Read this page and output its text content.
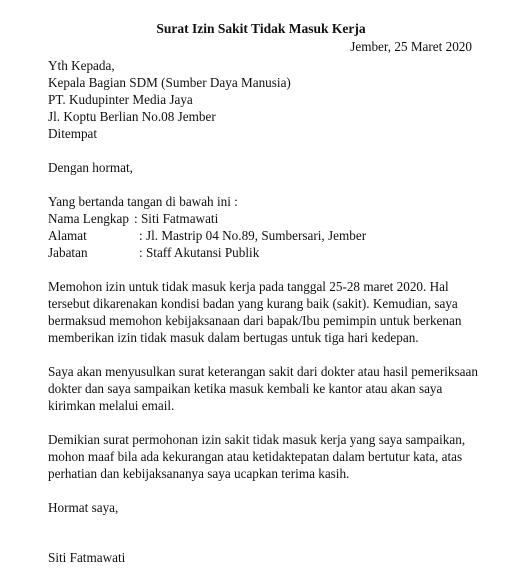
Surat Izin Sakit Tidak Masuk Kerja
Jember, 25 Maret 2020
Yth Kepada,
Kepala Bagian SDM (Sumber Daya Manusia)
PT. Kudupinter Media Jaya
Jl. Koptu Berlian No.08 Jember
Ditempat
Dengan hormat,
Yang bertanda tangan di bawah ini :
Nama Lengkap : Siti Fatmawati
Alamat	: Jl. Mastrip 04 No.89, Sumbersari, Jember
Jabatan	: Staff Akutansi Publik
Memohon izin untuk tidak masuk kerja pada tanggal 25-28 maret 2020. Hal
tersebut dikarenakan kondisi badan yang kurang baik (sakit). Kemudian, saya
bermaksud memohon kebijaksanaan dari bapak/Ibu pemimpin untuk berkenan
memberikan izin tidak masuk dalam bertugas untuk tiga hari kedepan.
Saya akan menyusulkan surat keterangan sakit dari dokter atau hasil pemeriksaan
dokter dan saya sampaikan ketika masuk kembali ke kantor atau akan saya
kirimkan melalui email.
Demikian surat permohonan izin sakit tidak masuk kerja yang saya sampaikan,
mohon maaf bila ada kekurangan atau ketidaktepatan dalam bertutur kata, atas
perhatian dan kebijaksananya saya ucapkan terima kasih.
Hormat saya,
Siti Fatmawati
